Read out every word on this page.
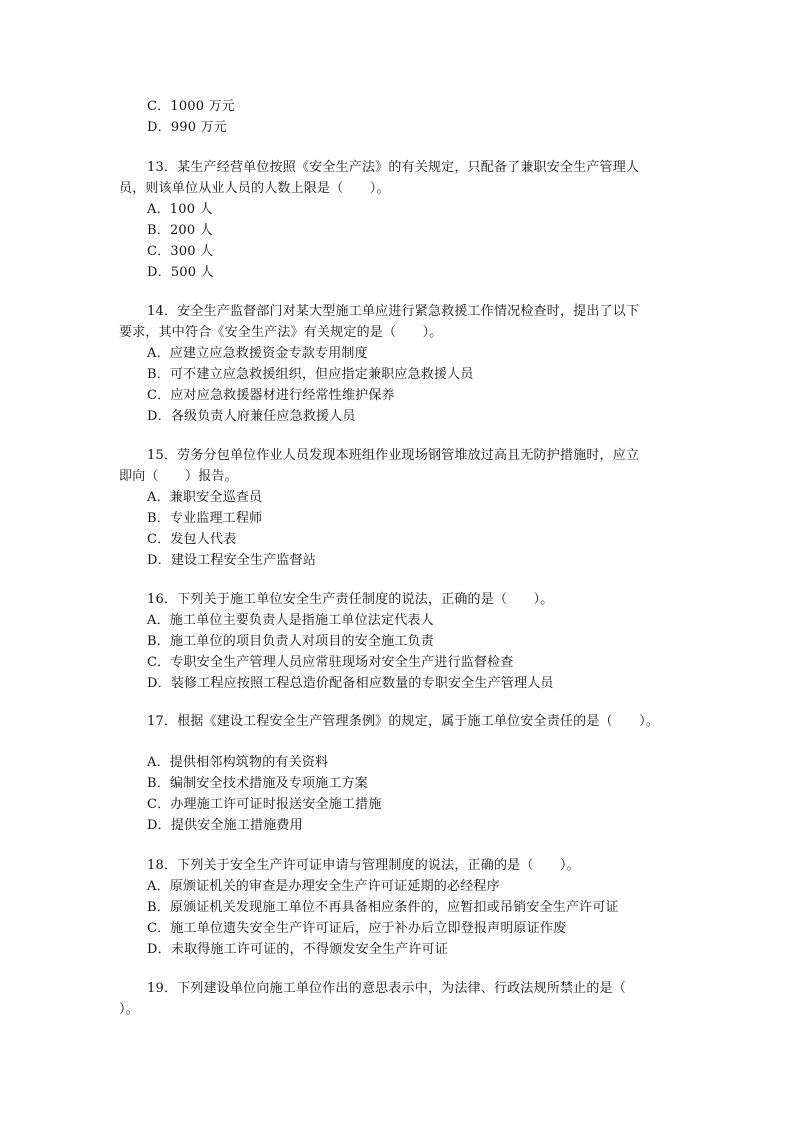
C．1000 万元
D．990 万元
13．某生产经营单位按照《安全生产法》的有关规定，只配备了兼职安全生产管理人
员，则该单位从业人员的人数上限是（　　）。
A．100 人
B．200 人
C．300 人
D．500 人
14．安全生产监督部门对某大型施工单应进行紧急救援工作情况检查时，提出了以下
要求，其中符合《安全生产法》有关规定的是（　　）。
A．应建立应急救援资金专款专用制度
B．可不建立应急救援组织，但应指定兼职应急救援人员
C．应对应急救援器材进行经常性维护保养
D．各级负责人府兼任应急救援人员
15．劳务分包单位作业人员发现本班组作业现场钢管堆放过高且无防护措施时，应立
即向（　　）报告。
A．兼职安全巡查员
B．专业监理工程师
C．发包人代表
D．建设工程安全生产监督站
16．下列关于施工单位安全生产责任制度的说法，正确的是（　　）。
A．施工单位主要负责人是指施工单位法定代表人
B．施工单位的项目负责人对项目的安全施工负责
C．专职安全生产管理人员应常驻现场对安全生产进行监督检查
D．装修工程应按照工程总造价配备相应数量的专职安全生产管理人员
17．根据《建设工程安全生产管理条例》的规定，属于施工单位安全责任的是（　　）。
A．提供相邻构筑物的有关资料
B．编制安全技术措施及专项施工方案
C．办理施工许可证时报送安全施工措施
D．提供安全施工措施费用
18．下列关于安全生产许可证申请与管理制度的说法，正确的是（　　）。
A．原颁证机关的审查是办理安全生产许可证延期的必经程序
B．原颁证机关发现施工单位不再具备相应条件的，应暂扣或吊销安全生产许可证
C．施工单位遗失安全生产许可证后，应于补办后立即登报声明原证作废
D．未取得施工许可证的，不得颁发安全生产许可证
19．下列建设单位向施工单位作出的意思表示中，为法律、行政法规所禁止的是（
）。
